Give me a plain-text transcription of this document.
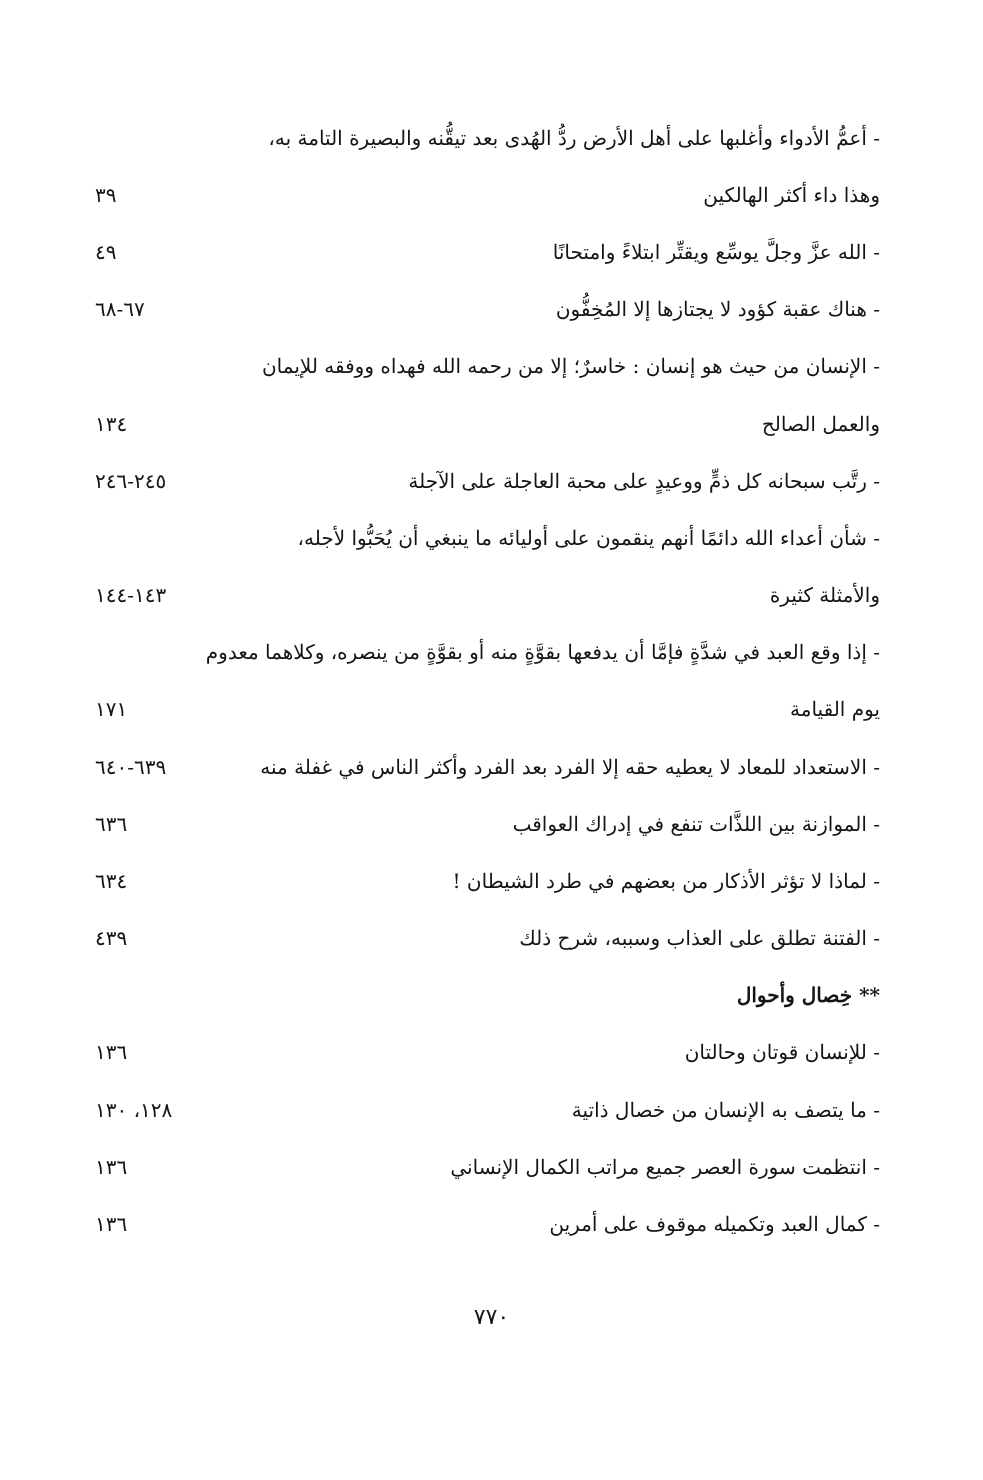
- أعمُّ الأدواء وأغلبها على أهل الأرض ردُّ الهُدى بعد تيقُّنه والبصيرة التامة به،
وهذا داء أكثر الهالكين
٣٩
- الله عزَّ وجلَّ يوسِّع ويقتِّر ابتلاءً وامتحانًا
٤٩
- هناك عقبة كؤود لا يجتازها إلا المُخِفُّون
٦٧-٦٨
- الإنسان من حيث هو إنسان : خاسرٌ؛ إلا من رحمه الله فهداه ووفقه للإيمان
والعمل الصالح
١٣٤
- رتَّب سبحانه كل ذمٍّ ووعيدٍ على محبة العاجلة على الآجلة
٢٤٥-٢٤٦
- شأن أعداء الله دائمًا أنهم ينقمون على أوليائه ما ينبغي أن يُحَبُّوا لأجله،
والأمثلة كثيرة
١٤٣-١٤٤
- إذا وقع العبد في شدَّةٍ فإمَّا أن يدفعها بقوَّةٍ منه أو بقوَّةٍ من ينصره، وكلاهما معدوم
يوم القيامة
١٧١
- الاستعداد للمعاد لا يعطيه حقه إلا الفرد بعد الفرد وأكثر الناس في غفلة منه
٦٣٩-٦٤٠
- الموازنة بين اللذَّات تنفع في إدراك العواقب
٦٣٦
- لماذا لا تؤثر الأذكار من بعضهم في طرد الشيطان !
٦٣٤
- الفتنة تطلق على العذاب وسببه، شرح ذلك
٤٣٩
** خِصال وأحوال
- للإنسان قوتان وحالتان
١٣٦
- ما يتصف به الإنسان من خصال ذاتية
١٢٨، ١٣٠
- انتظمت سورة العصر جميع مراتب الكمال الإنساني
١٣٦
- كمال العبد وتكميله موقوف على أمرين
١٣٦
٧٧٠
